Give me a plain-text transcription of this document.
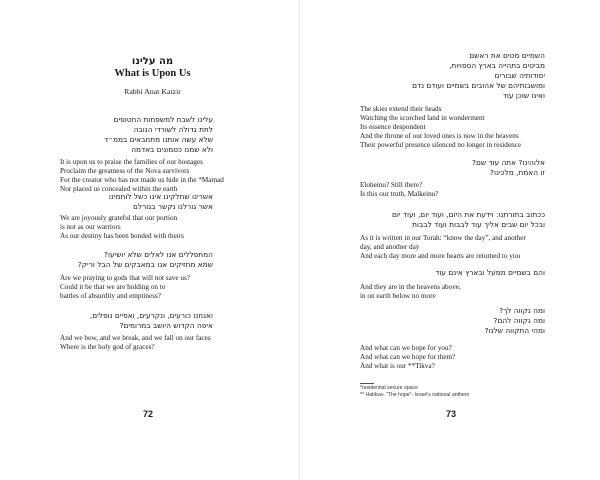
מה עלינו
What is Upon Us
Rabbi Anat Katzir
עלינו לשבח למשפחות החטופים
לתת גדולה לשורדי הנובה
שלא עשה אותנו מתחבאים בממ״ד
ולא שמנו כטמונים באדמה
It is upon us to praise the families of our hostages
Proclaim the greatness of the Nova survivors
For the creator who has not made us hide in the *Mamad
Nor placed us concealed within the earth
אשרינו שחלקינו אינו כשל לוחמינו
אשר גורלנו נקשר בגורלם
We are joyously grateful that our portion
is not as our warriors
As our destiny has been bonded with theirs
המתפללים אנו לאלים שלא יושיעו?
שמא מחזיקים אנו במאבקים של הבל וריק?
Are we praying to gods that will not save us?
Could it be that we are holding on to
battles of absurdity and emptiness?
ואנחנו כורעים, ונקרעים, ואפיים נופלים,
איפה הקדוש היושב במרומים?
And we bow, and we break, and we fall on our faces
Where is the holy god of graces?
72
השמיים מטים את ראשם
מביטים בתהייה בארץ הספויות,
יסודותיה שבורים
ומושבותיהם של אהובים בשמיים ועודם נדם
ואינו שוכן עוד
The skies extend their heads
Watching the scorched land in wonderment
Its essence despondent
And the throne of our loved ones is now in the heavens
Their powerful presence silenced no longer in residence
אלוהינו? אתה עוד שם?
זו האמת, מלכינו?
Eloheinu? Still there?
Is this our truth, Malkeinu?
ככתוב בתורתנו: וידעת את היום, ועוד יום, ועוד יום
ובכל יום שבים אליך עוד לבבות ועוד לבבות
As it is written in our Torah: “know the day”, and another
day, and another day
And each day more and more hearts are returned to you
והם בשמיים ממעל ובארץ אינם עוד
And they are in the heavens above,
in on earth below no more
ומה נקווה לך?
ומה נקווה להם?
ומהי התקווה שלנו?
And what can we hope for you?
And what can we hope for them?
And what is our **Tikva?
*residential secure space
** Hatikva- “The hope”- Israel’s national anthem
73
